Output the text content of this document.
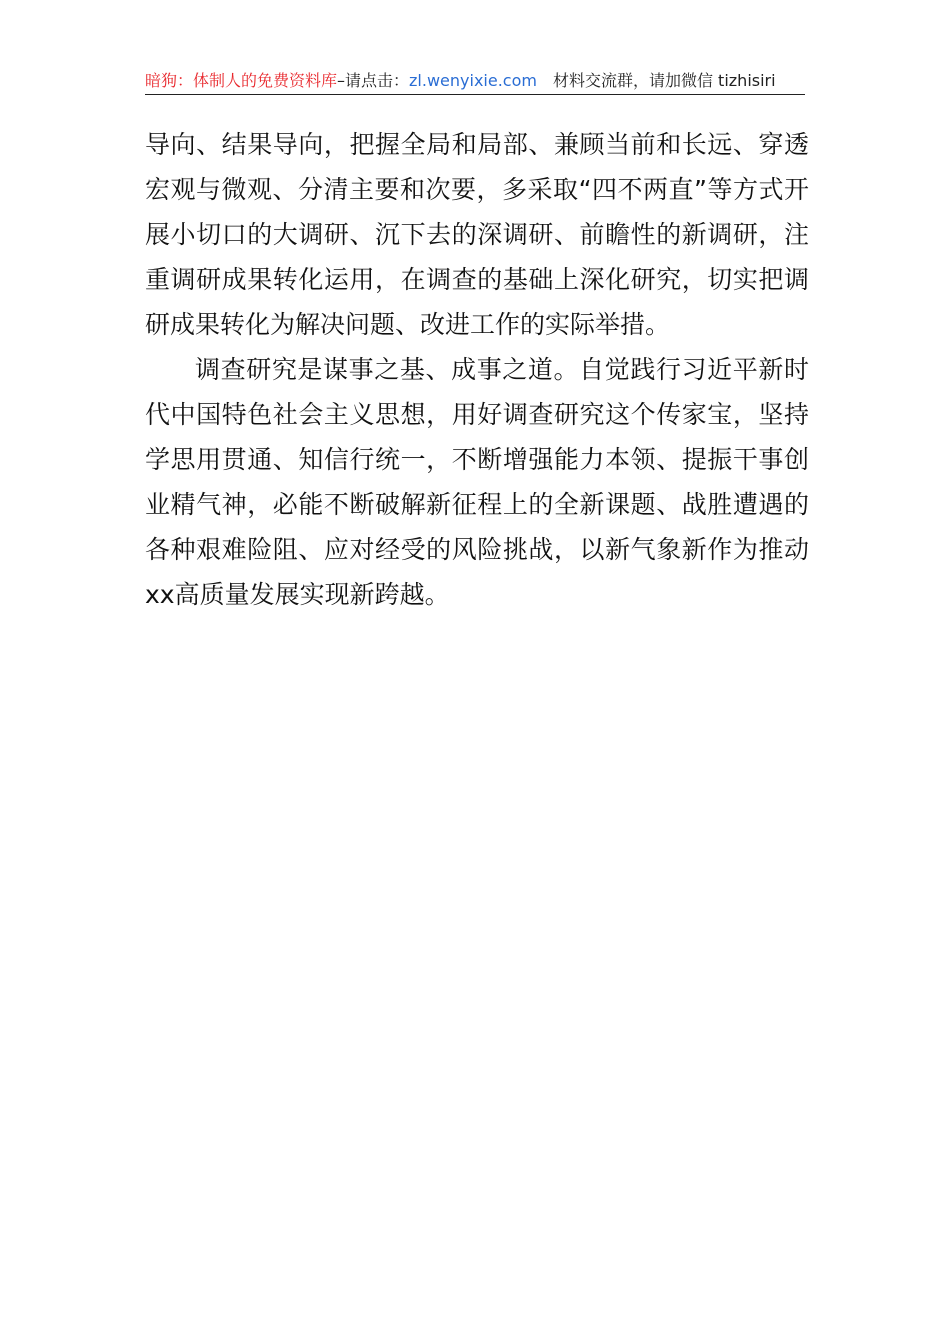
暗狗：体制人的免费资料库–请点击：zl.wenyixie.com 材料交流群，请加微信 tizhisiri

导向、结果导向，把握全局和局部、兼顾当前和长远、穿透宏观与微观、分清主要和次要，多采取“四不两直”等方式开展小切口的大调研、沉下去的深调研、前瞻性的新调研，注重调研成果转化运用，在调查的基础上深化研究，切实把调研成果转化为解决问题、改进工作的实际举措。

调查研究是谋事之基、成事之道。自觉践行习近平新时代中国特色社会主义思想，用好调查研究这个传家宝，坚持学思用贯通、知信行统一，不断增强能力本领、提振干事创业精气神，必能不断破解新征程上的全新课题、战胜遭遇的各种艰难险阻、应对经受的风险挑战，以新气象新作为推动xx高质量发展实现新跨越。
